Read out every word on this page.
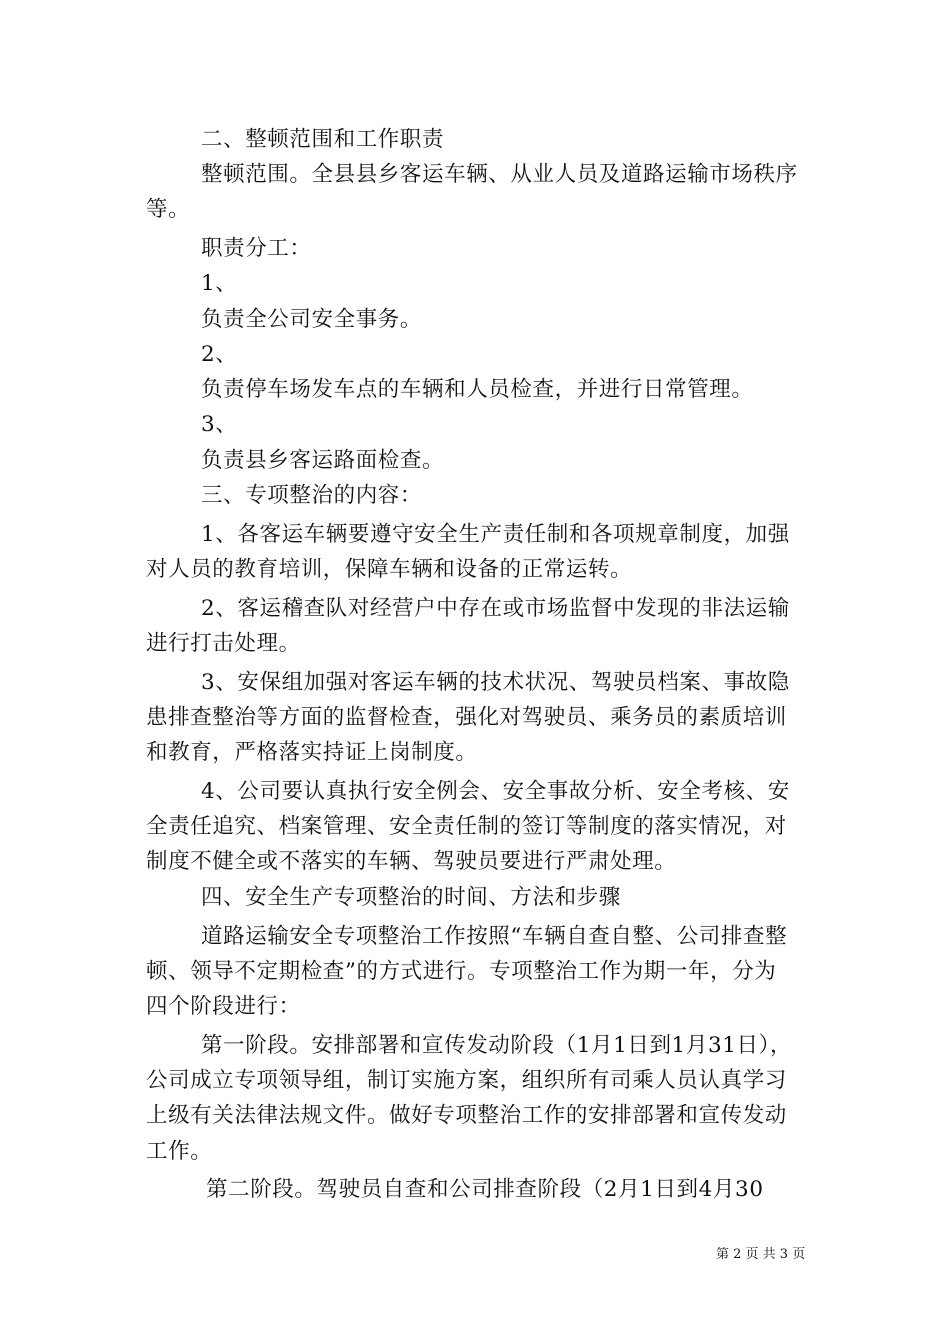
二、整顿范围和工作职责
整顿范围。全县县乡客运车辆、从业人员及道路运输市场秩序
等。
职责分工：
1、
负责全公司安全事务。
2、
负责停车场发车点的车辆和人员检查，并进行日常管理。
3、
负责县乡客运路面检查。
三、专项整治的内容：
1、各客运车辆要遵守安全生产责任制和各项规章制度，加强
对人员的教育培训，保障车辆和设备的正常运转。
2、客运稽查队对经营户中存在或市场监督中发现的非法运输
进行打击处理。
3、安保组加强对客运车辆的技术状况、驾驶员档案、事故隐
患排查整治等方面的监督检查，强化对驾驶员、乘务员的素质培训
和教育，严格落实持证上岗制度。
4、公司要认真执行安全例会、安全事故分析、安全考核、安
全责任追究、档案管理、安全责任制的签订等制度的落实情况，对
制度不健全或不落实的车辆、驾驶员要进行严肃处理。
四、安全生产专项整治的时间、方法和步骤
道路运输安全专项整治工作按照“车辆自查自整、公司排查整
顿、领导不定期检查”的方式进行。专项整治工作为期一年，分为
四个阶段进行：
第一阶段。安排部署和宣传发动阶段（1月1日到1月31日），
公司成立专项领导组，制订实施方案，组织所有司乘人员认真学习
上级有关法律法规文件。做好专项整治工作的安排部署和宣传发动
工作。
第二阶段。驾驶员自查和公司排查阶段（2月1日到4月30
第 2 页 共 3 页
